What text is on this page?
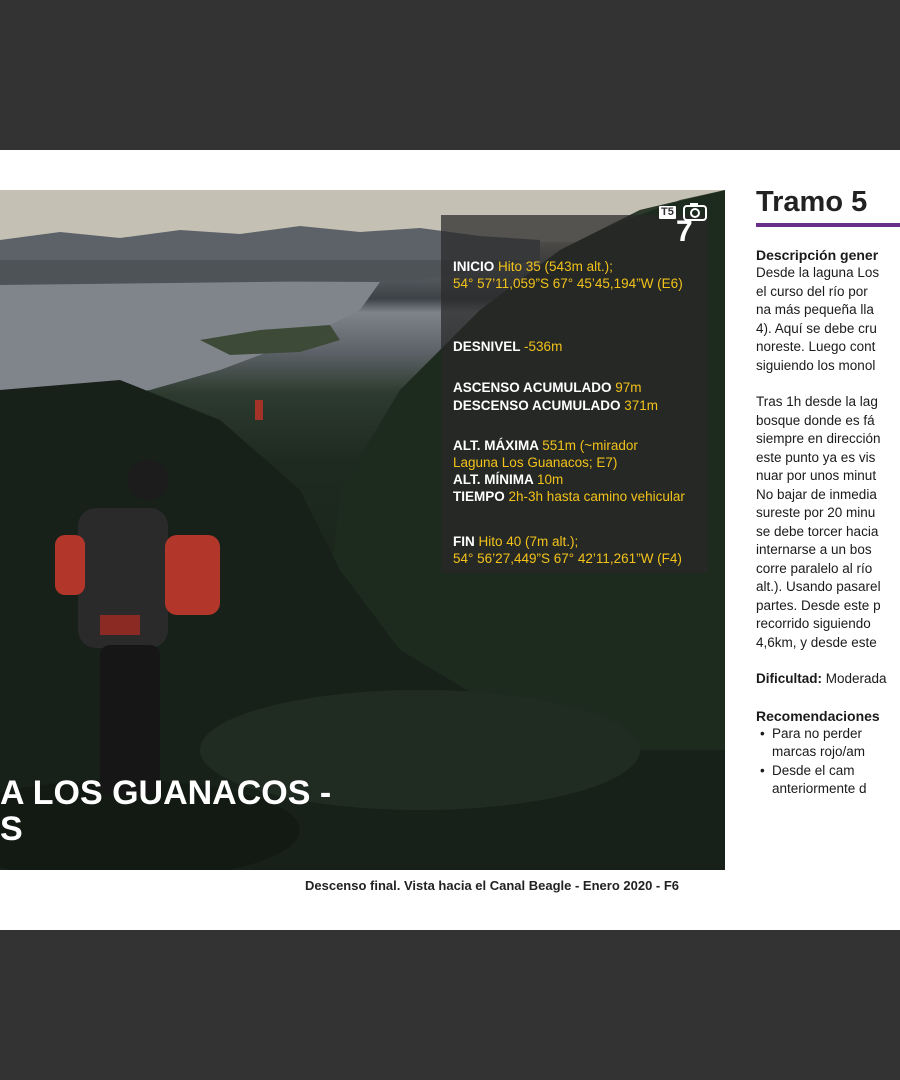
INICIO Hito 35 (543m alt.);
54° 57’11,059”S 67° 45’45,194”W (E6)
DESNIVEL -536m
ASCENSO ACUMULADO 97m
DESCENSO ACUMULADO 371m
ALT. MÁXIMA 551m (~mirador
Laguna Los Guanacos; E7)
ALT. MÍNIMA 10m
TIEMPO 2h-3h hasta camino vehicular
FIN Hito 40 (7m alt.);
54° 56’27,449”S 67° 42’11,261”W (F4)
T5
7
A LOS GUANACOS -
S
Descenso final. Vista hacia el Canal Beagle - Enero 2020 - F6
Tramo 5
Descripción gener
Desde la laguna Los
el curso del río por
na más pequeña lla
4). Aquí se debe cru
noreste. Luego cont
siguiendo los monol
Tras 1h desde la lag
bosque donde es fá
siempre en dirección
este punto ya es vis
nuar por unos minut
No bajar de inmedia
sureste por 20 minu
se debe torcer hacia
internarse a un bos
corre paralelo al río
alt.). Usando pasarel
partes. Desde este p
recorrido siguiendo
4,6km, y desde este
Dificultad: Moderada
Recomendaciones
• Para no perder
marcas rojo/am
• Desde el cam
anteriormente d
